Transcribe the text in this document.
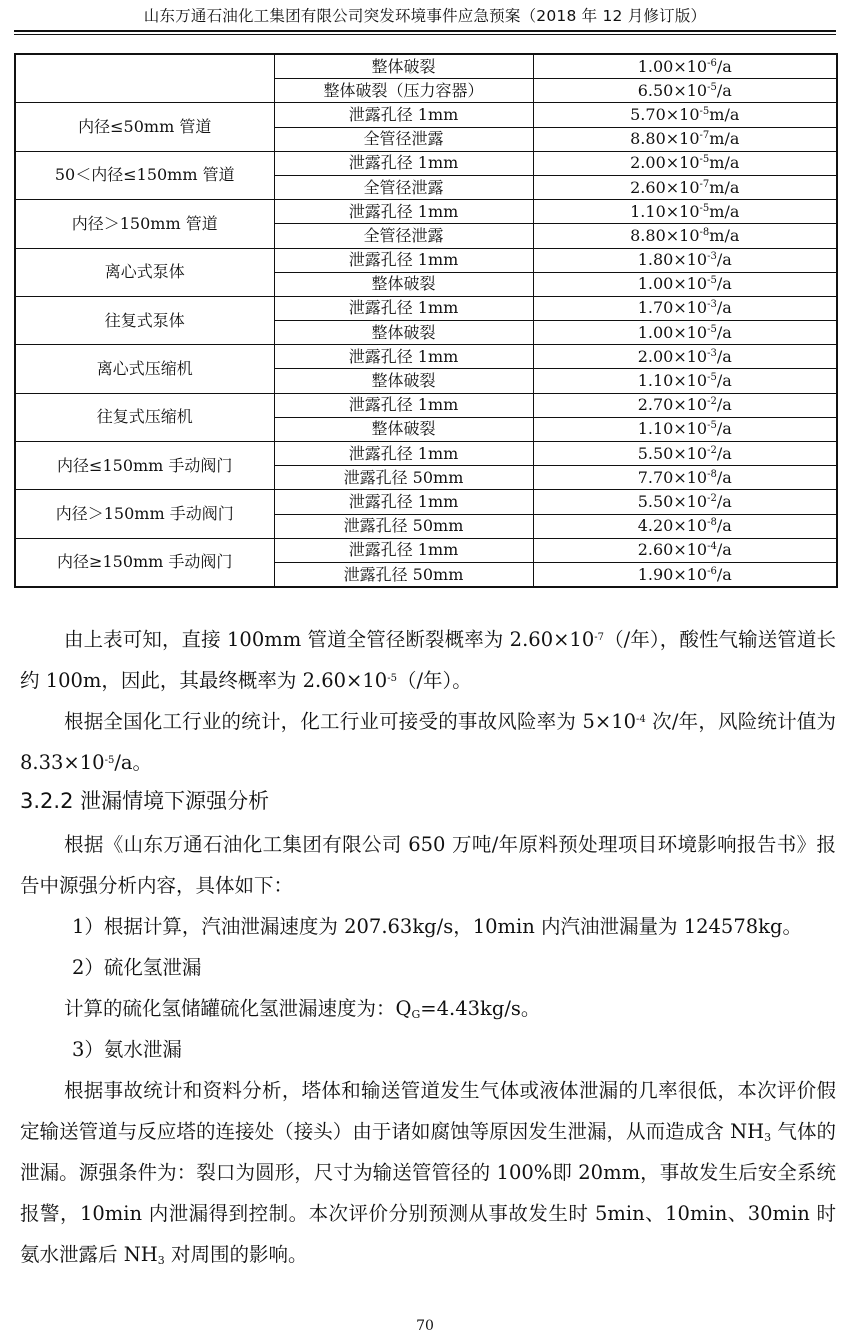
山东万通石油化工集团有限公司突发环境事件应急预案（2018 年 12 月修订版）
	整体破裂	$1.00\times 10^{-6}/a$
	整体破裂（压力容器）	$6.50\times 10^{-5}/a$
内径≤50mm 管道	泄露孔径 1mm	$5.70\times 10^{-5}m/a$
	全管径泄露	$8.80\times 10^{-7}m/a$
50＜内径≤150mm 管道	泄露孔径 1mm	$2.00\times 10^{-5}m/a$
	全管径泄露	$2.60\times 10^{-7}m/a$
内径＞150mm 管道	泄露孔径 1mm	$1.10\times 10^{-5}m/a$
	全管径泄露	$8.80\times 10^{-8}m/a$
离心式泵体	泄露孔径 1mm	$1.80\times 10^{-3}/a$
	整体破裂	$1.00\times 10^{-5}/a$
往复式泵体	泄露孔径 1mm	$1.70\times 10^{-3}/a$
	整体破裂	$1.00\times 10^{-5}/a$
离心式压缩机	泄露孔径 1mm	$2.00\times 10^{-3}/a$
	整体破裂	$1.10\times 10^{-5}/a$
往复式压缩机	泄露孔径 1mm	$2.70\times 10^{-2}/a$
	整体破裂	$1.10\times 10^{-5}/a$
内径≤150mm 手动阀门	泄露孔径 1mm	$5.50\times 10^{-2}/a$
	泄露孔径 50mm	$7.70\times 10^{-8}/a$
内径＞150mm 手动阀门	泄露孔径 1mm	$5.50\times 10^{-2}/a$
	泄露孔径 50mm	$4.20\times 10^{-8}/a$
内径≥150mm 手动阀门	泄露孔径 1mm	$2.60\times 10^{-4}/a$
	泄露孔径 50mm	$1.90\times 10^{-6}/a$

由上表可知，直接 100mm 管道全管径断裂概率为 $2.60\times 10^{-7}(/$年），酸性气输送管道长约 100m，因此，其最终概率为 $2.60\times 10^{-5}(/$年）。

根据全国化工行业的统计，化工行业可接受的事故风险率为 $5\times 10^{-4}$ 次/年，风险统计值为 $8.33\times 10^{-5}/a$。

3.2.2 泄漏情境下源强分析

根据《山东万通石油化工集团有限公司 650 万吨/年原料预处理项目环境影响报告书》报告中源强分析内容，具体如下：

1）根据计算，汽油泄漏速度为 207.63kg/s，10min 内汽油泄漏量为 124578kg。

2）硫化氢泄漏

计算的硫化氢储罐硫化氢泄漏速度为：$Q_G=4.43kg/s$。

3）氨水泄漏

根据事故统计和资料分析，塔体和输送管道发生气体或液体泄漏的几率很低，本次评价假定输送管道与反应塔的连接处（接头）由于诸如腐蚀等原因发生泄漏，从而造成含 $NH_3$ 气体的泄漏。源强条件为：裂口为圆形，尺寸为输送管管径的 100%即 20mm，事故发生后安全系统报警，10min 内泄漏得到控制。本次评价分别预测从事故发生时 5min、10min、30min 时氨水泄露后 $NH_3$ 对周围的影响。

70
